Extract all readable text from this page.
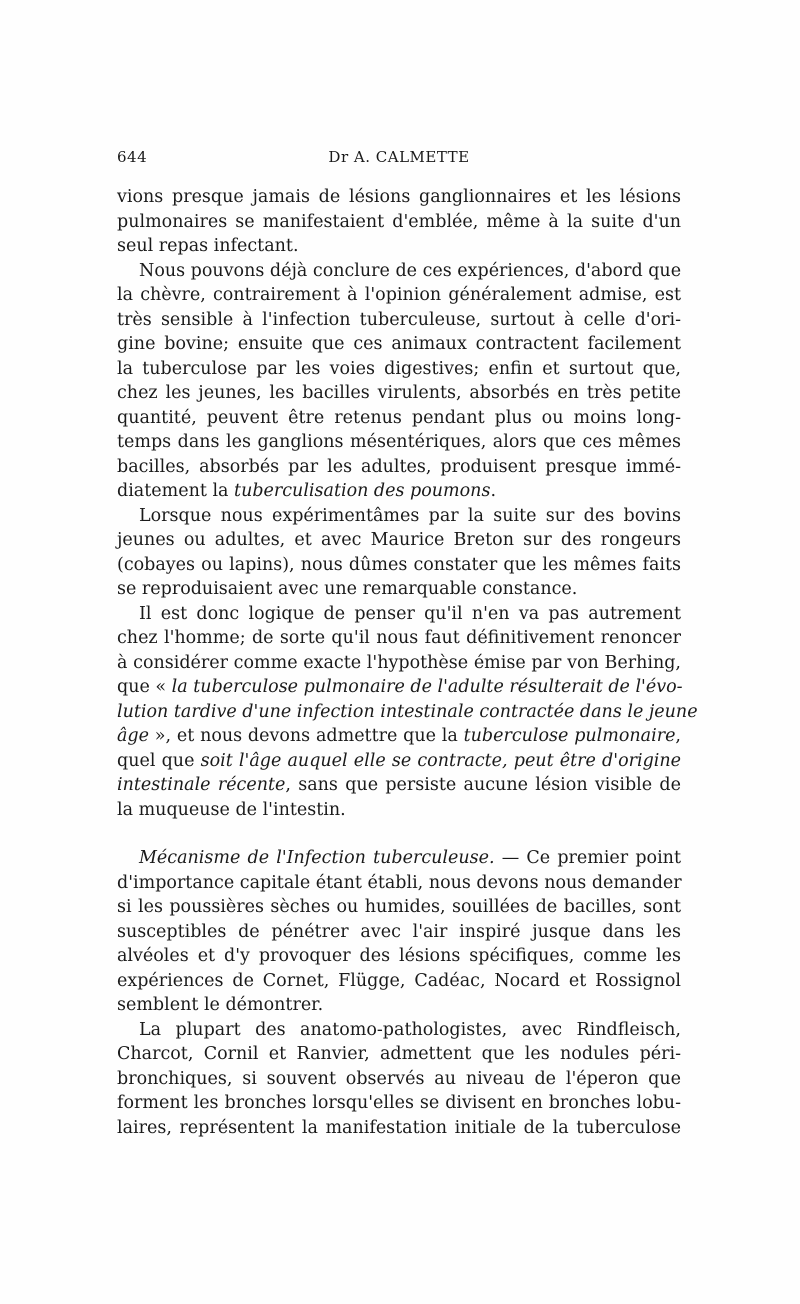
644	Dr A. CALMETTE

vions presque jamais de lésions ganglionnaires et les lésions
pulmonaires se manifestaient d'emblée, même à la suite d'un
seul repas infectant.

Nous pouvons déjà conclure de ces expériences, d'abord que
la chèvre, contrairement à l'opinion généralement admise, est
très sensible à l'infection tuberculeuse, surtout à celle d'ori-
gine bovine; ensuite que ces animaux contractent facilement
la tuberculose par les voies digestives; enfin et surtout que,
chez les jeunes, les bacilles virulents, absorbés en très petite
quantité, peuvent être retenus pendant plus ou moins long-
temps dans les ganglions mésentériques, alors que ces mêmes
bacilles, absorbés par les adultes, produisent presque immé-
diatement la tuberculisation des poumons.

Lorsque nous expérimentâmes par la suite sur des bovins
jeunes ou adultes, et avec Maurice Breton sur des rongeurs
(cobayes ou lapins), nous dûmes constater que les mêmes faits
se reproduisaient avec une remarquable constance.

Il est donc logique de penser qu'il n'en va pas autrement
chez l'homme; de sorte qu'il nous faut définitivement renoncer
à considérer comme exacte l'hypothèse émise par von Berhing,
que « la tuberculose pulmonaire de l'adulte résulterait de l'évo-
lution tardive d'une infection intestinale contractée dans le jeune
âge », et nous devons admettre que la tuberculose pulmonaire,
quel que soit l'âge auquel elle se contracte, peut être d'origine
intestinale récente, sans que persiste aucune lésion visible de
la muqueuse de l'intestin.

Mécanisme de l'Infection tuberculeuse. — Ce premier point
d'importance capitale étant établi, nous devons nous demander
si les poussières sèches ou humides, souillées de bacilles, sont
susceptibles de pénétrer avec l'air inspiré jusque dans les
alvéoles et d'y provoquer des lésions spécifiques, comme les
expériences de Cornet, Flügge, Cadéac, Nocard et Rossignol
semblent le démontrer.

La plupart des anatomo-pathologistes, avec Rindfleisch,
Charcot, Cornil et Ranvier, admettent que les nodules péri-
bronchiques, si souvent observés au niveau de l'éperon que
forment les bronches lorsqu'elles se divisent en bronches lobu-
laires, représentent la manifestation initiale de la tuberculose
